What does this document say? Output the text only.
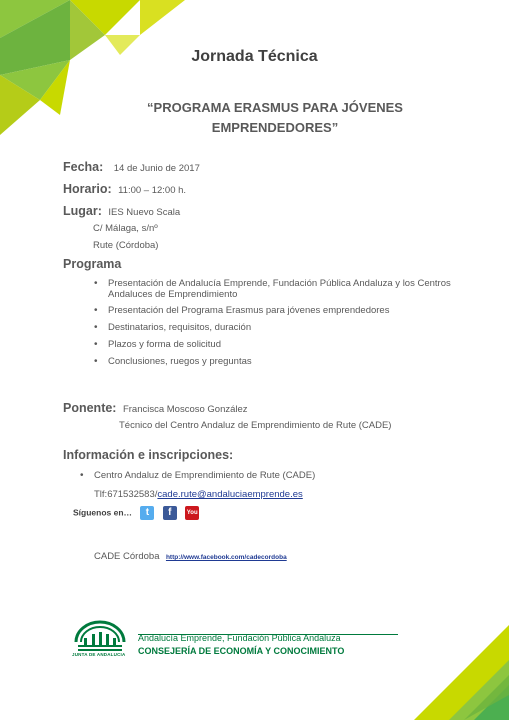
Jornada Técnica
“PROGRAMA ERASMUS PARA JÓVENES
EMPRENDEDORES”
Fecha: 14 de Junio de 2017
Horario: 11:00 – 12:00 h.
Lugar: IES Nuevo Scala
C/ Málaga, s/nº
Rute (Córdoba)
Programa
• Presentación de Andalucía Emprende, Fundación Pública Andaluza y los Centros
Andaluces de Emprendimiento
• Presentación del Programa Erasmus para jóvenes emprendedores
• Destinatarios, requisitos, duración
• Plazos y forma de solicitud
• Conclusiones, ruegos y preguntas
Ponente: Francisca Moscoso González
Técnico del Centro Andaluz de Emprendimiento de Rute (CADE)
Información e inscripciones:
• Centro Andaluz de Emprendimiento de Rute (CADE)
Tlf:671532583/cade.rute@andaluciaemprende.es
Síguenos en… t f	You
CADE Córdoba http://www.facebook.com/cadecordoba
JUNTA DE ANDALUCIA
Andalucía Emprende, Fundación Pública Andaluza
CONSEJERÍA DE ECONOMÍA Y CONOCIMIENTO
